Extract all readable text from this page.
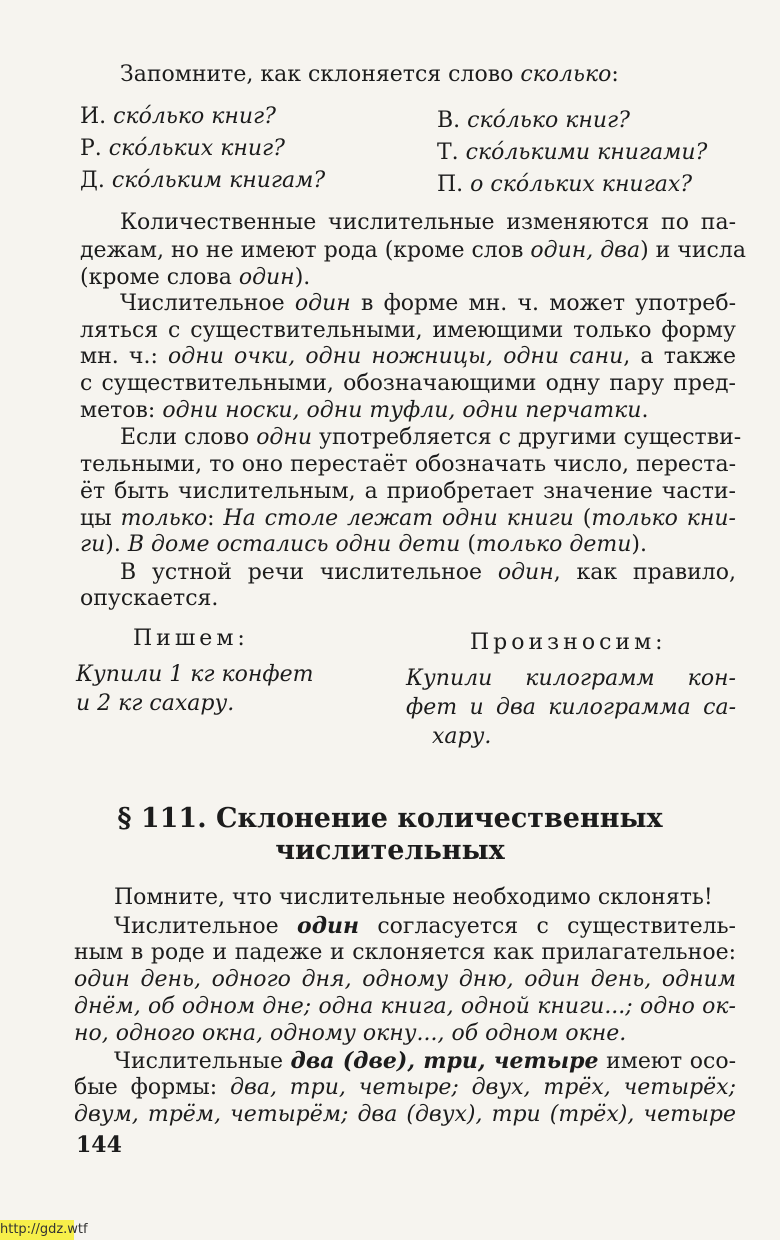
Запомните, как склоняется слово сколько:
И. ско́лько книг?
Р. ско́льких книг?
Д. ско́льким книгам?
В. ско́лько книг?
Т. ско́лькими книгами?
П. о ско́льких книгах?
Количественные числительные изменяются по па-
дежам, но не имеют рода (кроме слов один, два) и числа
(кроме слова один).
Числительное один в форме мн. ч. может употреб-
ляться с существительными, имеющими только форму
мн. ч.: одни очки, одни ножницы, одни сани, а также
с существительными, обозначающими одну пару пред-
метов: одни носки, одни туфли, одни перчатки.
Если слово одни употребляется с другими существи-
тельными, то оно перестаёт обозначать число, переста-
ёт быть числительным, а приобретает значение части-
цы только: На столе лежат одни книги (только кни-
ги). В доме остались одни дети (только дети).
В устной речи числительное один, как правило,
опускается.
Пишем:	Произносим:
Купили 1 кг конфет
и 2 кг сахару.
Купили килограмм кон-
фет и два килограмма са-
хару.
§ 111. Склонение количественных
числительных
Помните, что числительные необходимо склонять!
Числительное один согласуется с существитель-
ным в роде и падеже и склоняется как прилагательное:
один день, одного дня, одному дню, один день, одним
днём, об одном дне; одна книга, одной книги...; одно ок-
но, одного окна, одному окну..., об одном окне.
Числительные два (две), три, четыре имеют осо-
бые формы: два, три, четыре; двух, трёх, четырёх;
двум, трём, четырём; два (двух), три (трёх), четыре
144
http://gdz.wtf
